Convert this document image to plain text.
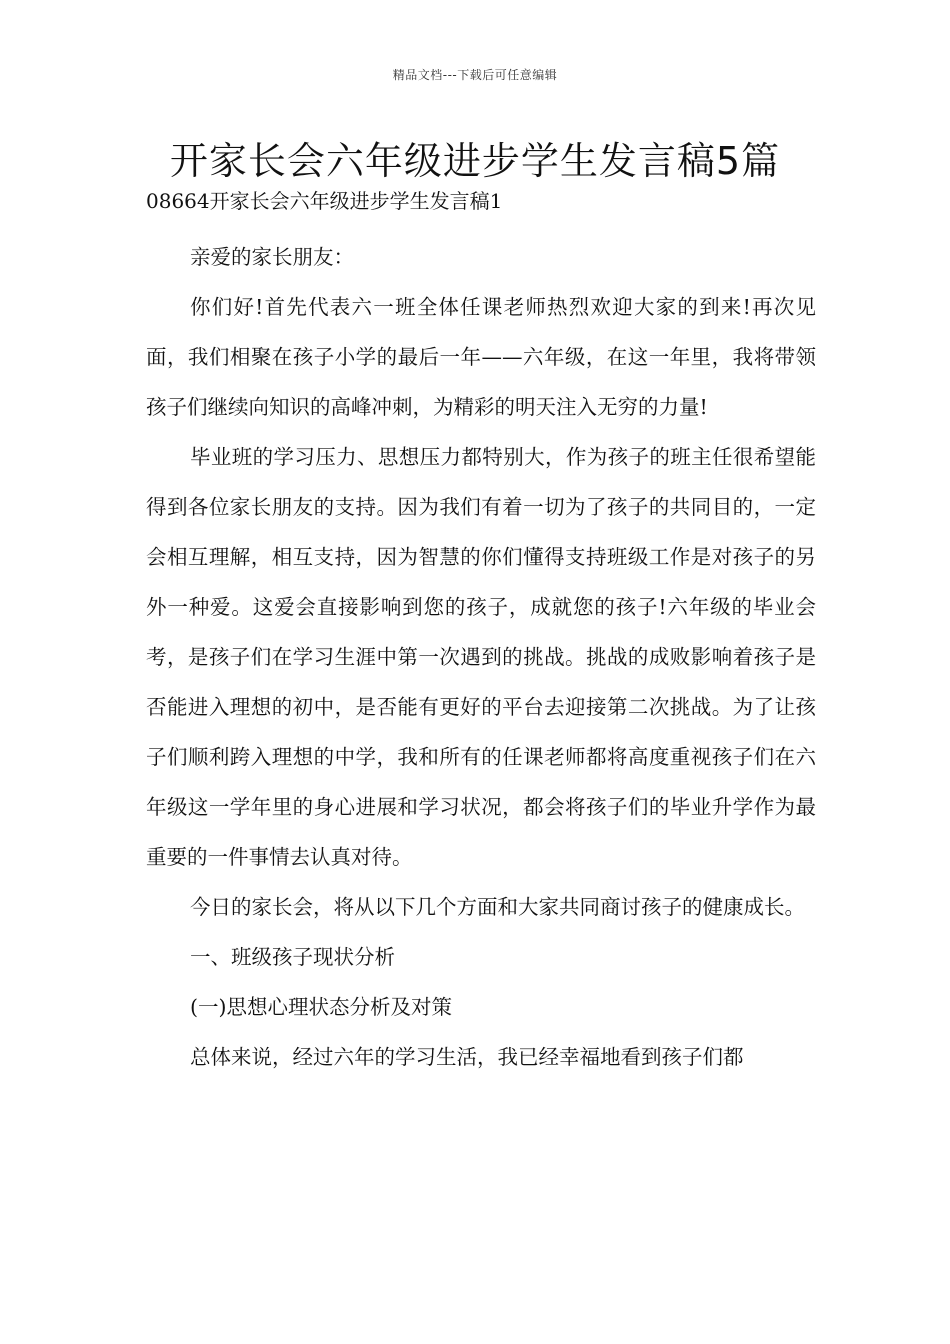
精品文档---下载后可任意编辑
开家长会六年级进步学生发言稿5篇
08664开家长会六年级进步学生发言稿1

亲爱的家长朋友：

你们好!首先代表六一班全体任课老师热烈欢迎大家的到来!再次见面，我们相聚在孩子小学的最后一年——六年级，在这一年里，我将带领孩子们继续向知识的高峰冲刺，为精彩的明天注入无穷的力量!

毕业班的学习压力、思想压力都特别大，作为孩子的班主任很希望能得到各位家长朋友的支持。因为我们有着一切为了孩子的共同目的，一定会相互理解，相互支持，因为智慧的你们懂得支持班级工作是对孩子的另外一种爱。这爱会直接影响到您的孩子，成就您的孩子!六年级的毕业会考，是孩子们在学习生涯中第一次遇到的挑战。挑战的成败影响着孩子是否能进入理想的初中，是否能有更好的平台去迎接第二次挑战。为了让孩子们顺利跨入理想的中学，我和所有的任课老师都将高度重视孩子们在六年级这一学年里的身心进展和学习状况，都会将孩子们的毕业升学作为最重要的一件事情去认真对待。

今日的家长会，将从以下几个方面和大家共同商讨孩子的健康成长。

一、班级孩子现状分析

(一)思想心理状态分析及对策

总体来说，经过六年的学习生活，我已经幸福地看到孩子们都
